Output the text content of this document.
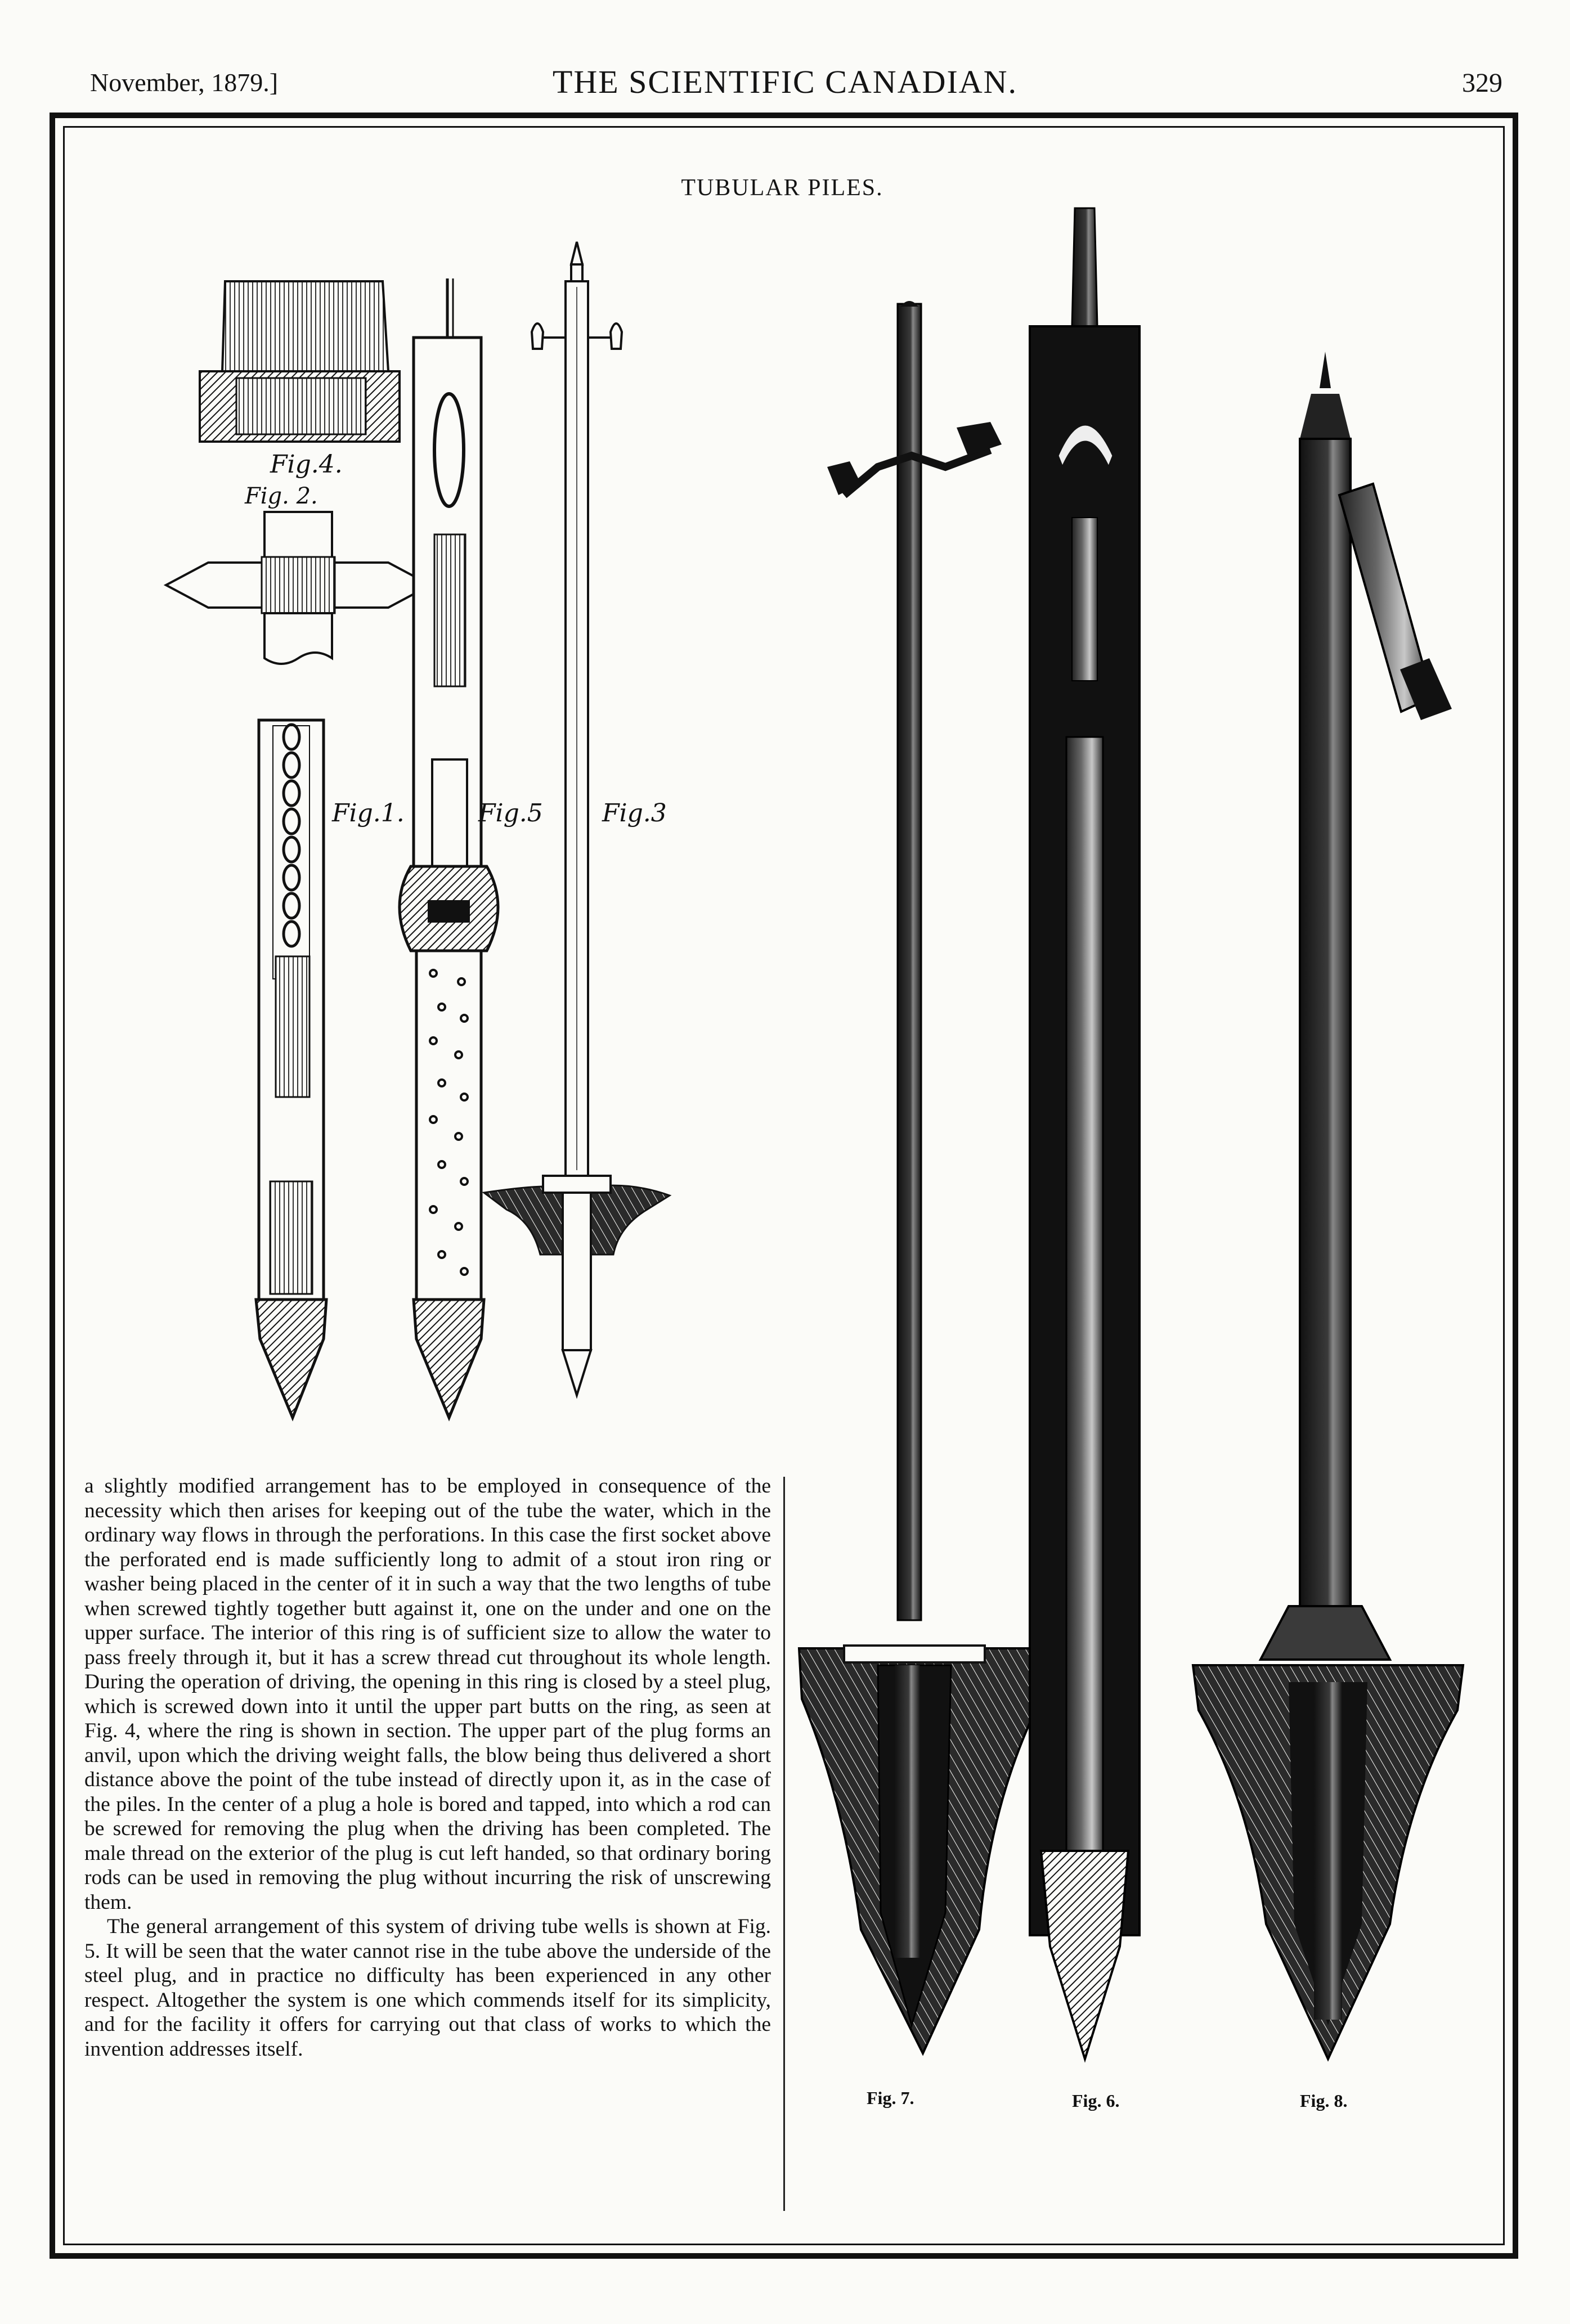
November, 1879.]	THE SCIENTIFIC CANADIAN.	329
TUBULAR PILES.
Fig.4.
Fig. 2.
Fig.1.	Fig.5 Fig.3
Fig. 7.	Fig. 6.	Fig. 8.

a slightly modified arrangement has to be employed in consequence of the necessity which then arises for keeping out of the tube the water, which in the ordinary way flows in through the perforations. In this case the first socket above the perforated end is made sufficiently long to admit of a stout iron ring or washer being placed in the center of it in such a way that the two lengths of tube when screwed tightly together butt against it, one on the under and one on the upper surface. The interior of this ring is of sufficient size to allow the water to pass freely through it, but it has a screw thread cut throughout its whole length. During the operation of driving, the opening in this ring is closed by a steel plug, which is screwed down into it until the upper part butts on the ring, as seen at Fig. 4, where the ring is shown in section. The upper part of the plug forms an anvil, upon which the driving weight falls, the blow being thus delivered a short distance above the point of the tube instead of directly upon it, as in the case of the piles. In the center of a plug a hole is bored and tapped, into which a rod can be screwed for removing the plug when the driving has been completed. The male thread on the exterior of the plug is cut left handed, so that ordinary boring rods can be used in removing the plug without incurring the risk of unscrewing them.

The general arrangement of this system of driving tube wells is shown at Fig. 5. It will be seen that the water cannot rise in the tube above the underside of the steel plug, and in practice no difficulty has been experienced in any other respect. Altogether the system is one which commends itself for its simplicity, and for the facility it offers for carrying out that class of works to which the invention addresses itself.
